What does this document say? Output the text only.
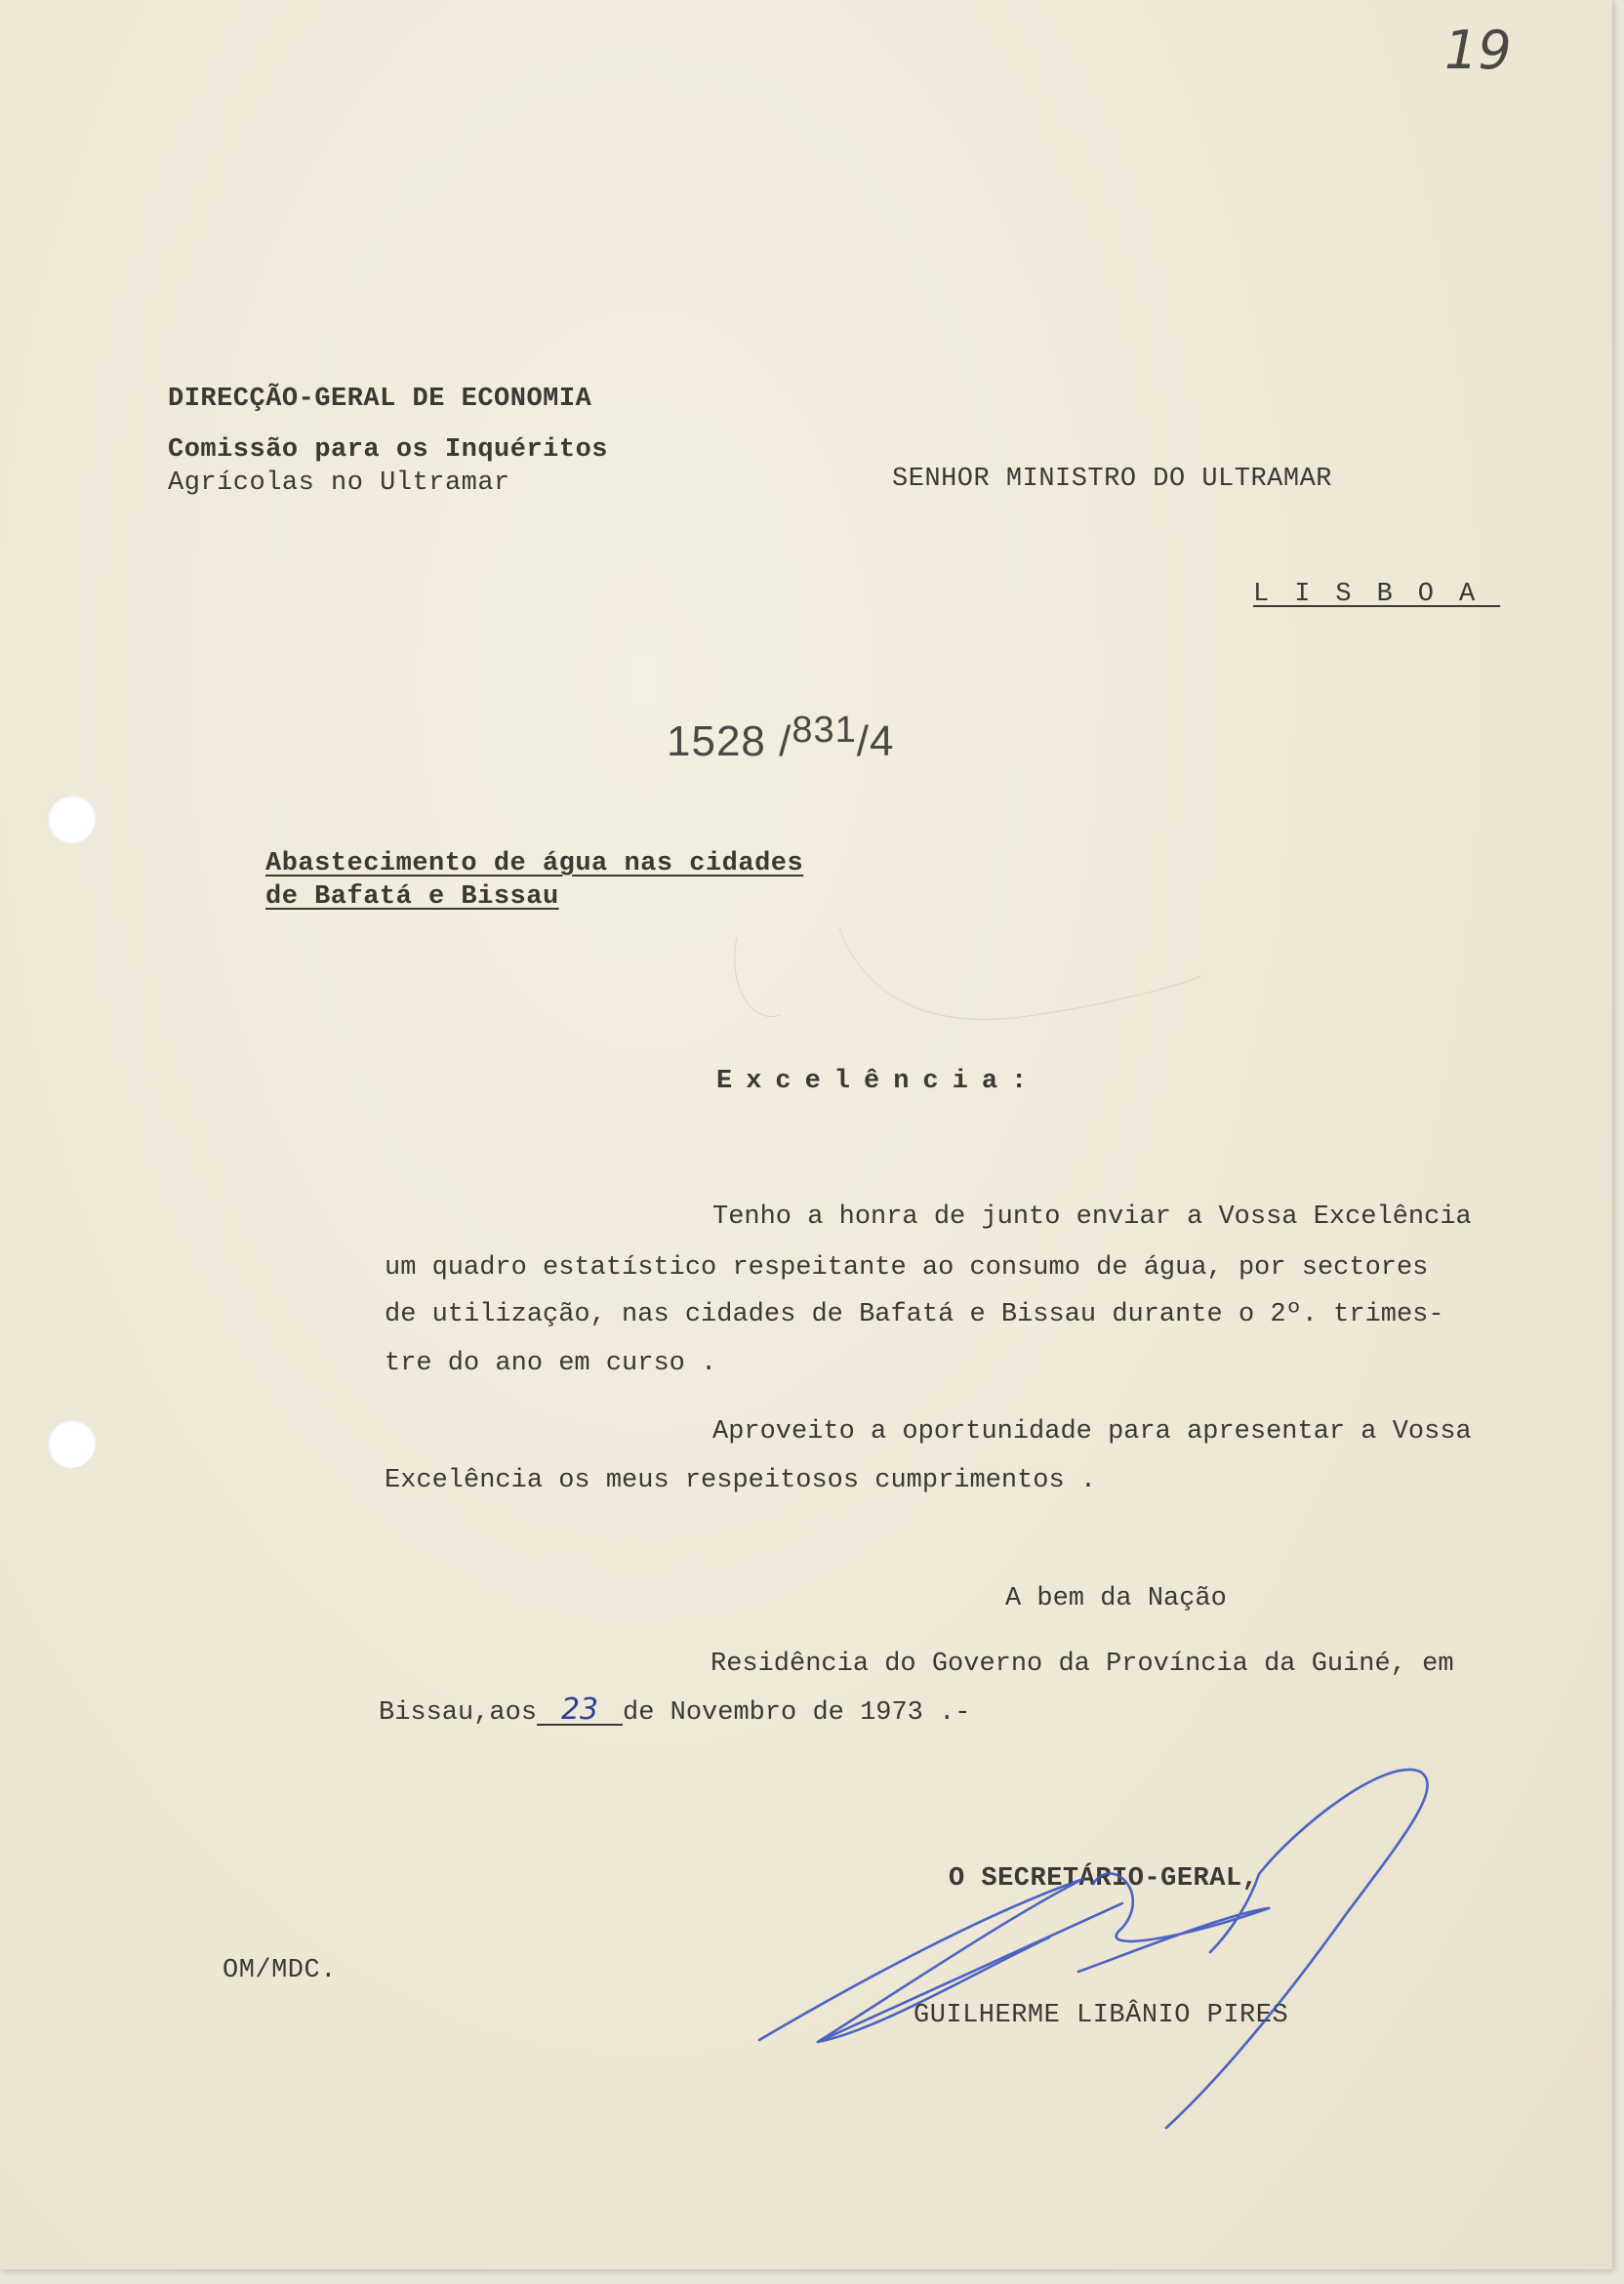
19
DIRECÇÃO-GERAL DE ECONOMIA
Comissão para os Inquéritos
Agrícolas no Ultramar	SENHOR MINISTRO DO ULTRAMAR
LISBOA
1528 /831/4
Abastecimento de água nas cidades
de Bafatá e Bissau
Excelência:
Tenho a honra de junto enviar a Vossa Excelência
um quadro estatístico respeitante ao consumo de água, por sectores
de utilização, nas cidades de Bafatá e Bissau durante o 2º. trimes-
tre do ano em curso .
Aproveito a oportunidade para apresentar a Vossa
Excelência os meus respeitosos cumprimentos .
A bem da Nação
Residência do Governo da Província da Guiné, em
Bissau,aos 23 de Novembro de 1973 .-
O SECRETÁRIO-GERAL,
GUILHERME LIBÂNIO PIRES
OM/MDC.
